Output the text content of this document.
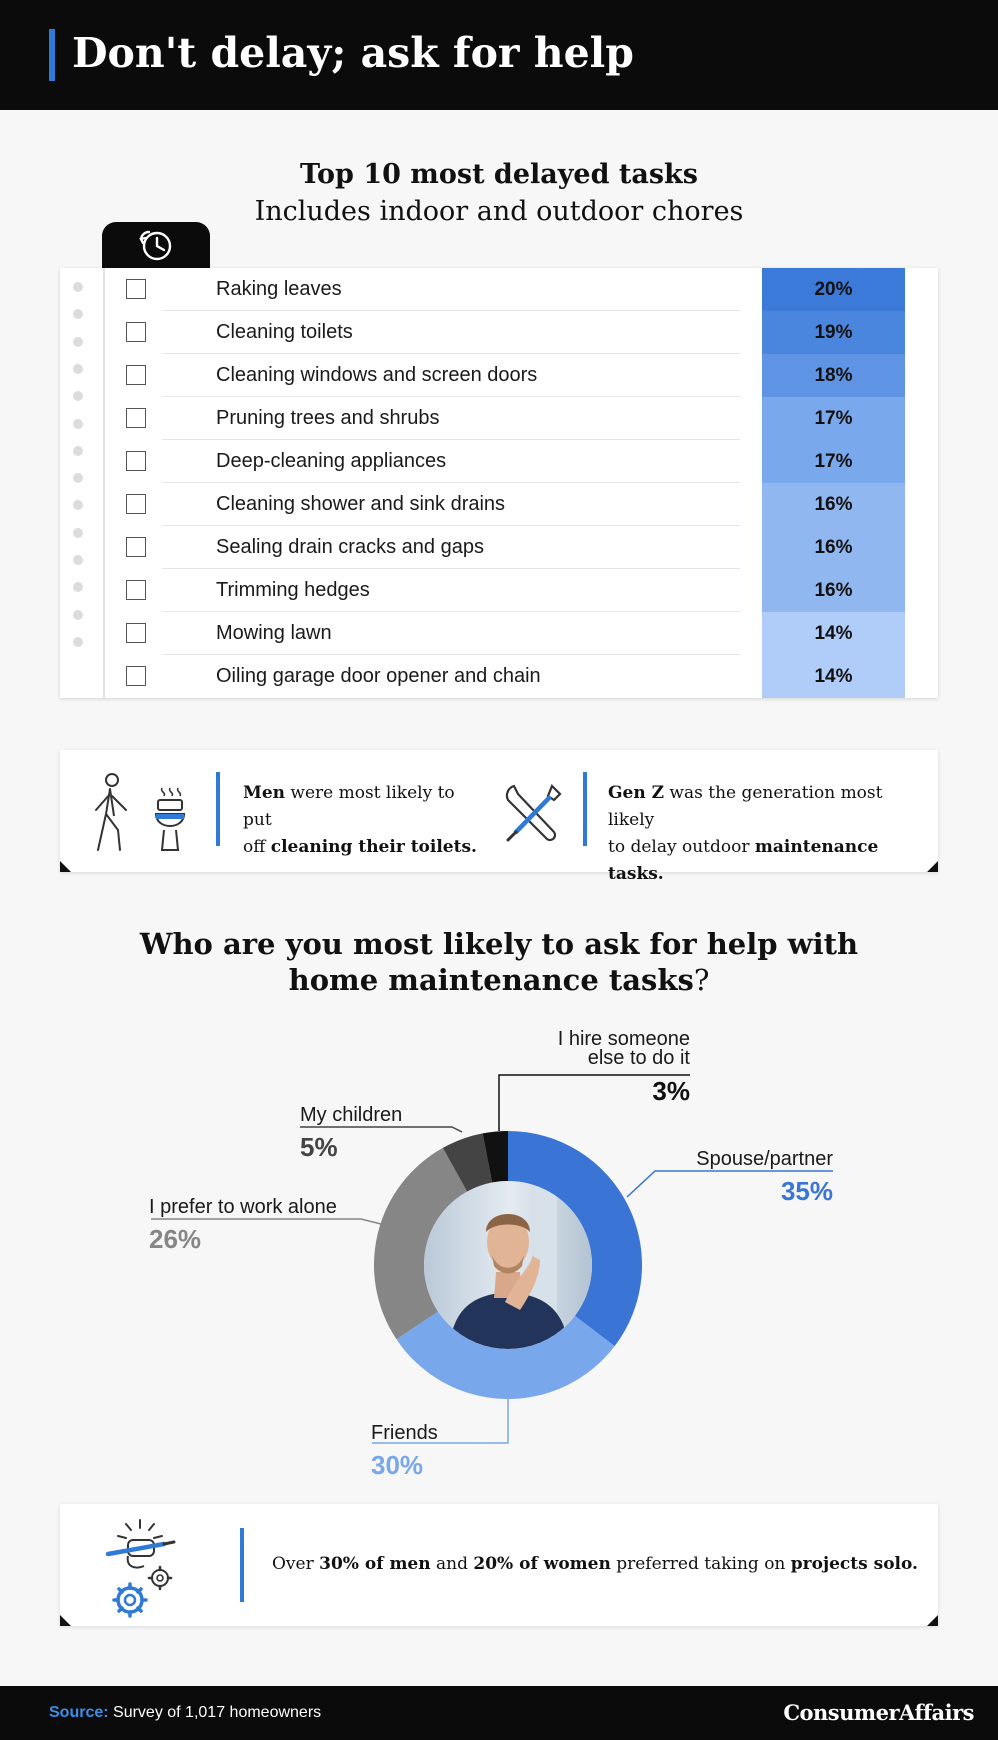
Don't delay; ask for help
Top 10 most delayed tasks
Includes indoor and outdoor chores
Raking leaves	20%
Cleaning toilets	19%
Cleaning windows and screen doors	18%
Pruning trees and shrubs	17%
Deep-cleaning appliances	17%
Cleaning shower and sink drains	16%
Sealing drain cracks and gaps	16%
Trimming hedges	16%
Mowing lawn	14%
Oiling garage door opener and chain	14%
Men were most likely to put
off cleaning their toilets.
Gen Z was the generation most likely
to delay outdoor maintenance tasks.
Who are you most likely to ask for help with
home maintenance tasks?
Spouse/partner
35%
Friends
30%
I prefer to work alone
26%
My children
5%
I hire someone
else to do it
3%
Over 30% of men and 20% of women preferred taking on projects solo.
Source: Survey of 1,017 homeowners	ConsumerAffairs
